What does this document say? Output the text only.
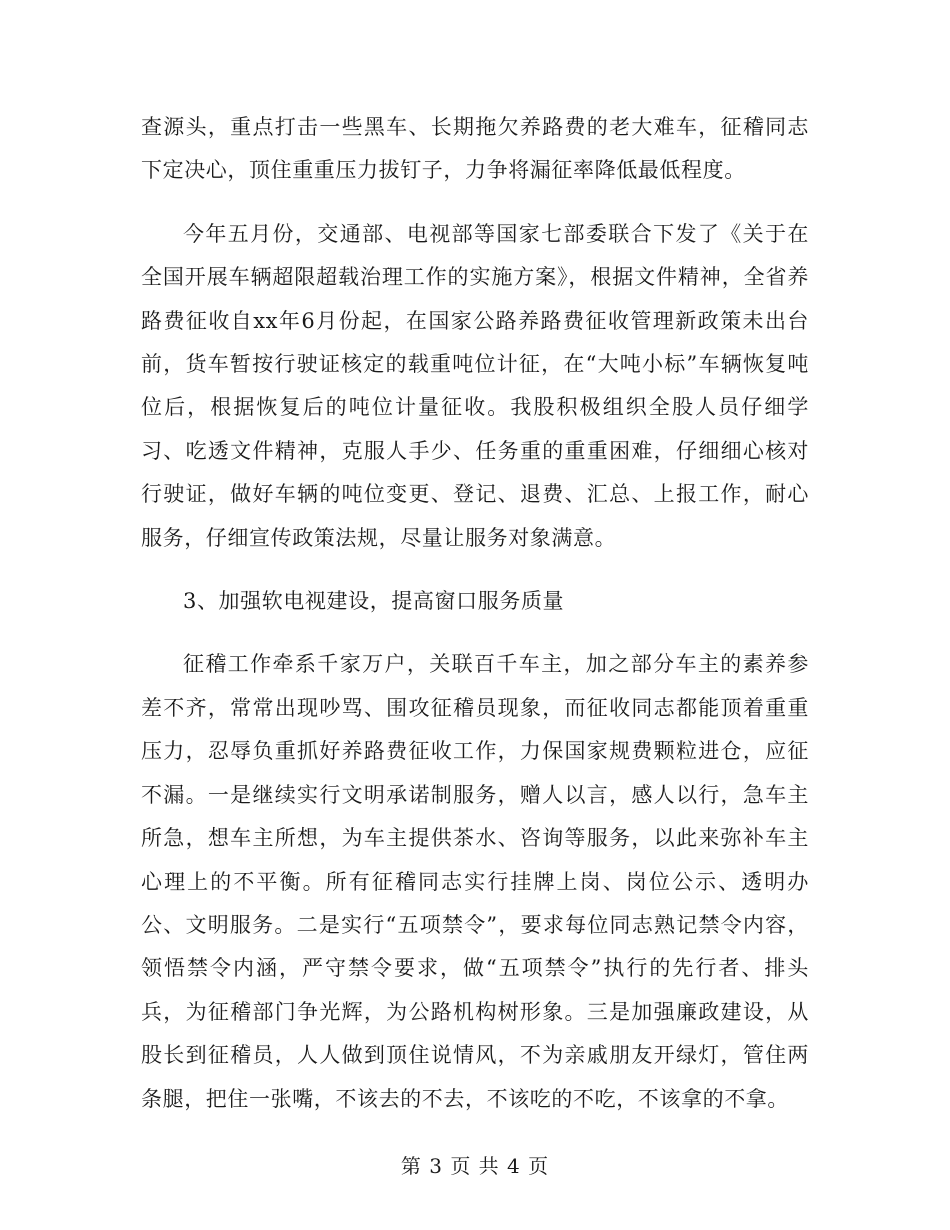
查源头，重点打击一些黑车、长期拖欠养路费的老大难车，征稽同志下定决心，顶住重重压力拔钉子，力争将漏征率降低最低程度。

今年五月份，交通部、电视部等国家七部委联合下发了《关于在全国开展车辆超限超载治理工作的实施方案》，根据文件精神，全省养路费征收自xx年6月份起，在国家公路养路费征收管理新政策未出台前，货车暂按行驶证核定的载重吨位计征，在“大吨小标”车辆恢复吨位后，根据恢复后的吨位计量征收。我股积极组织全股人员仔细学习、吃透文件精神，克服人手少、任务重的重重困难，仔细细心核对行驶证，做好车辆的吨位变更、登记、退费、汇总、上报工作，耐心服务，仔细宣传政策法规，尽量让服务对象满意。

3、加强软电视建设，提高窗口服务质量

征稽工作牵系千家万户，关联百千车主，加之部分车主的素养参差不齐，常常出现吵骂、围攻征稽员现象，而征收同志都能顶着重重压力，忍辱负重抓好养路费征收工作，力保国家规费颗粒进仓，应征不漏。一是继续实行文明承诺制服务，赠人以言，感人以行，急车主所急，想车主所想，为车主提供茶水、咨询等服务，以此来弥补车主心理上的不平衡。所有征稽同志实行挂牌上岗、岗位公示、透明办公、文明服务。二是实行“五项禁令”，要求每位同志熟记禁令内容，领悟禁令内涵，严守禁令要求，做“五项禁令”执行的先行者、排头兵，为征稽部门争光辉，为公路机构树形象。三是加强廉政建设，从股长到征稽员，人人做到顶住说情风，不为亲戚朋友开绿灯，管住两条腿，把住一张嘴，不该去的不去，不该吃的不吃，不该拿的不拿。

第 3 页 共 4 页
